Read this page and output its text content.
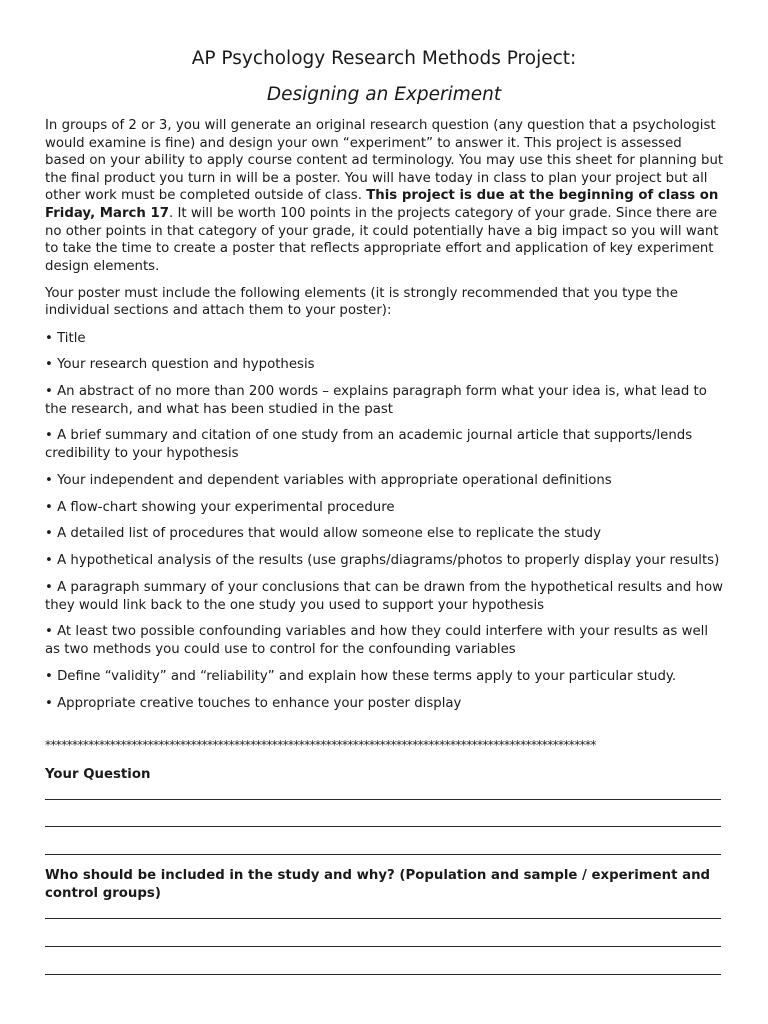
AP Psychology Research Methods Project:
Designing an Experiment

In groups of 2 or 3, you will generate an original research question (any question that a psychologist would examine is fine) and design your own “experiment” to answer it. This project is assessed based on your ability to apply course content ad terminology. You may use this sheet for planning but the final product you turn in will be a poster. You will have today in class to plan your project but all other work must be completed outside of class. This project is due at the beginning of class on Friday, March 17. It will be worth 100 points in the projects category of your grade. Since there are no other points in that category of your grade, it could potentially have a big impact so you will want to take the time to create a poster that reflects appropriate effort and application of key experiment design elements.

Your poster must include the following elements (it is strongly recommended that you type the individual sections and attach them to your poster):

• Title
• Your research question and hypothesis
• An abstract of no more than 200 words – explains paragraph form what your idea is, what lead to the research, and what has been studied in the past
• A brief summary and citation of one study from an academic journal article that supports/lends credibility to your hypothesis
• Your independent and dependent variables with appropriate operational definitions
• A flow-chart showing your experimental procedure
• A detailed list of procedures that would allow someone else to replicate the study
• A hypothetical analysis of the results (use graphs/diagrams/photos to properly display your results)
• A paragraph summary of your conclusions that can be drawn from the hypothetical results and how they would link back to the one study you used to support your hypothesis
• At least two possible confounding variables and how they could interfere with your results as well as two methods you could use to control for the confounding variables
• Define “validity” and “reliability” and explain how these terms apply to your particular study.
• Appropriate creative touches to enhance your poster display
******************************************************************************************************

Your Question

Who should be included in the study and why? (Population and sample / experiment and control groups)
